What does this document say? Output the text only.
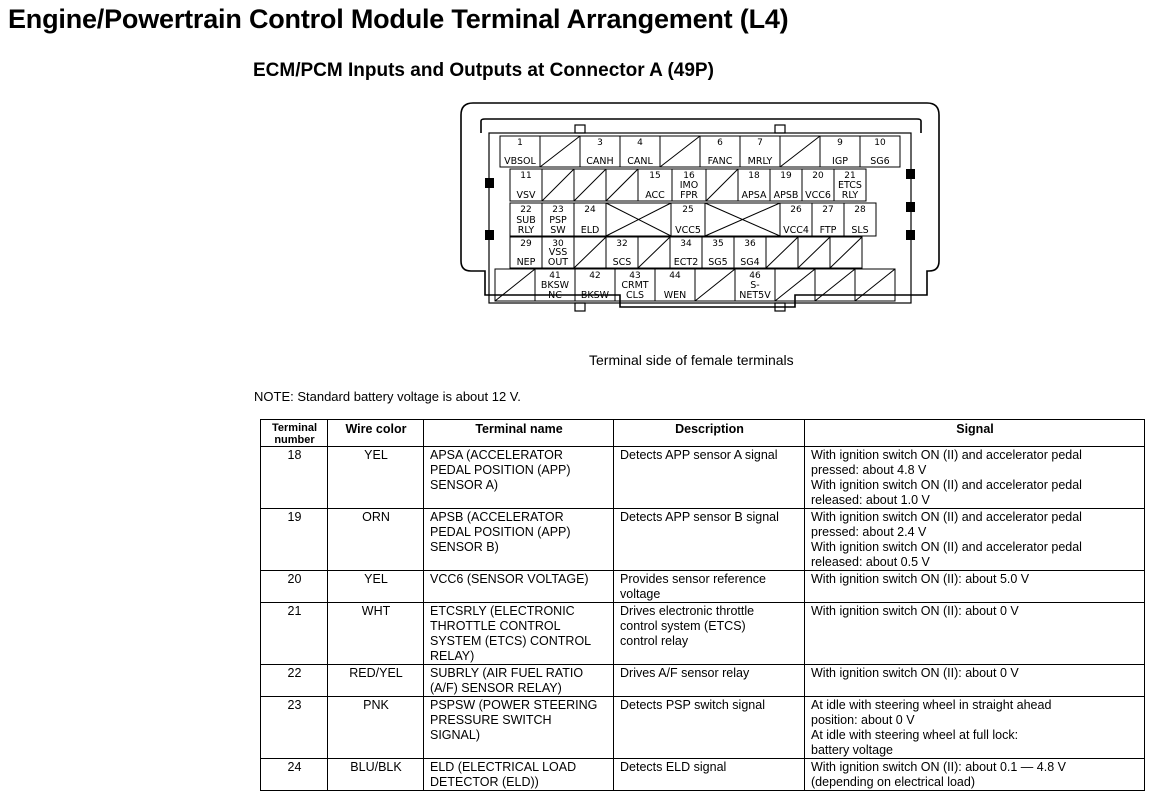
Engine/Powertrain Control Module Terminal Arrangement (L4)
ECM/PCM Inputs and Outputs at Connector A (49P)
1
VBSOL
3
CANH
4
CANL
6
FANC
7
MRLY
9
IGP
10
SG6
11
VSV
15
ACC
16
IMO
FPR
18
APSA
19
APSB
20
VCC6
21
ETCS
RLY
22
SUB
RLY
23
PSP
SW
24
ELD
25
VCC5
26
VCC4
27
FTP
28
SLS
29
NEP
30
VSS
OUT
32
SCS
34
ECT2
35
SG5
36
SG4
41
BKSW
NC
42
BKSW
43
CRMT
CLS
44
WEN
46
S-
NET5V
Terminal side of female terminals
NOTE: Standard battery voltage is about 12 V.
Terminal
number	Wire color	Terminal name	Description	Signal
18	YEL	APSA (ACCELERATOR
PEDAL POSITION (APP)
SENSOR A)	Detects APP sensor A signal	With ignition switch ON (II) and accelerator pedal
pressed: about 4.8 V
With ignition switch ON (II) and accelerator pedal
released: about 1.0 V
19	ORN	APSB (ACCELERATOR
PEDAL POSITION (APP)
SENSOR B)	Detects APP sensor B signal	With ignition switch ON (II) and accelerator pedal
pressed: about 2.4 V
With ignition switch ON (II) and accelerator pedal
released: about 0.5 V
20	YEL	VCC6 (SENSOR VOLTAGE)	Provides sensor reference
voltage	With ignition switch ON (II): about 5.0 V
21	WHT	ETCSRLY (ELECTRONIC
THROTTLE CONTROL
SYSTEM (ETCS) CONTROL
RELAY)	Drives electronic throttle
control system (ETCS)
control relay	With ignition switch ON (II): about 0 V
22	RED/YEL	SUBRLY (AIR FUEL RATIO
(A/F) SENSOR RELAY)	Drives A/F sensor relay	With ignition switch ON (II): about 0 V
23	PNK	PSPSW (POWER STEERING
PRESSURE SWITCH
SIGNAL)	Detects PSP switch signal	At idle with steering wheel in straight ahead
position: about 0 V
At idle with steering wheel at full lock:
battery voltage
24	BLU/BLK	ELD (ELECTRICAL LOAD
DETECTOR (ELD))	Detects ELD signal	With ignition switch ON (II): about 0.1 — 4.8 V
(depending on electrical load)
